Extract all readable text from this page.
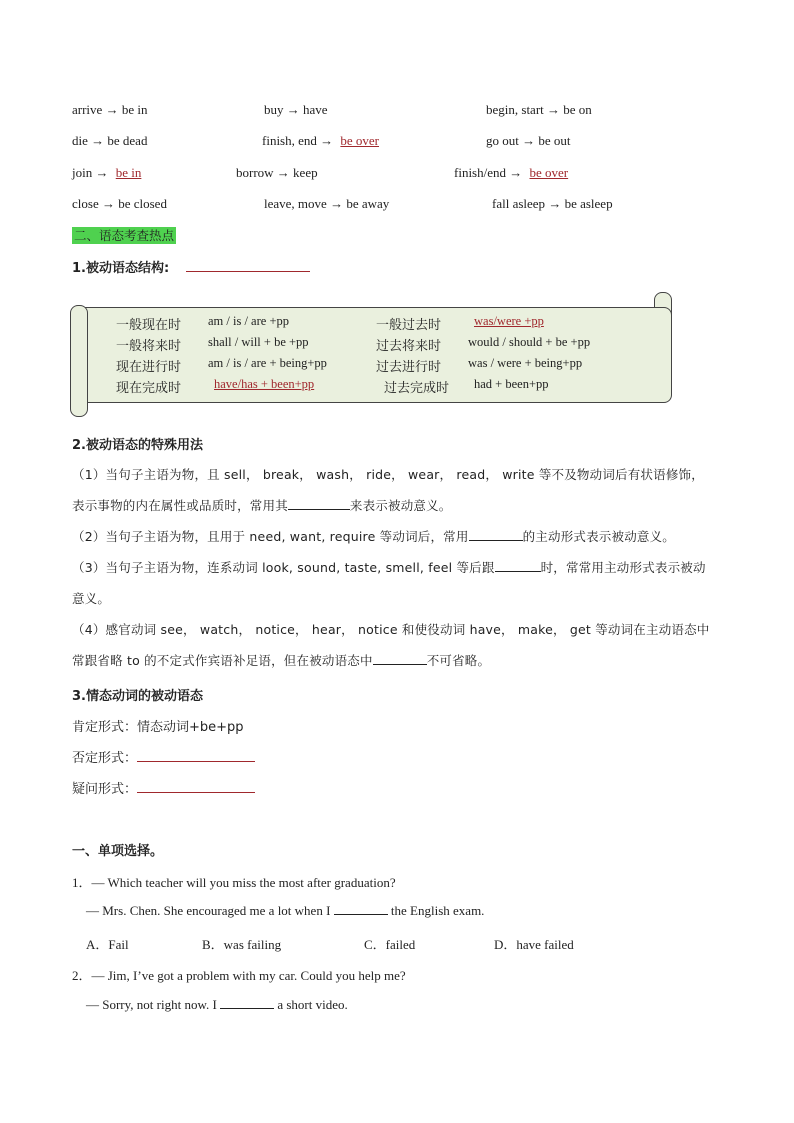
arrive → be in	buy → have	begin, start → be on
die → be dead	finish, end → be over	go out → be out
join → be in	borrow → keep	finish/end → be over
close → be closed	leave, move → be away	fall asleep → be asleep
二、语态考查热点
1.被动语态结构:
一般现在时 am / is / are +pp	一般过去时	was/were +pp
一般将来时 shall / will + be +pp	过去将来时 would / should + be +pp
现在进行时 am / is / are + being+pp	过去进行时 was / were + being+pp
现在完成时	have/has + been+pp	过去完成时 had + been+pp
2.被动语态的特殊用法
（1）当句子主语为物，且 sell， break， wash， ride， wear， read， write 等不及物动词后有状语修饰，
表示事物的内在属性或品质时，常用其	来表示被动意义。
（2）当句子主语为物，且用于 need, want, require 等动词后，常用	的主动形式表示被动意义。
（3）当句子主语为物，连系动词 look, sound, taste, smell, feel 等后跟	时，常常用主动形式表示被动
意义。
（4）感官动词 see， watch， notice， hear， notice 和使役动词 have， make， get 等动词在主动语态中
常跟省略 to 的不定式作宾语补足语，但在被动语态中	不可省略。
3.情态动词的被动语态
肯定形式：情态动词+be+pp
否定形式：
疑问形式：
一、单项选择。
1．— Which teacher will you miss the most after graduation?
— Mrs. Chen. She encouraged me a lot when I	the English exam.
A．Fail	B．was failing	C．failed	D．have failed
2．— Jim, I’ve got a problem with my car. Could you help me?
— Sorry, not right now. I	a short video.
